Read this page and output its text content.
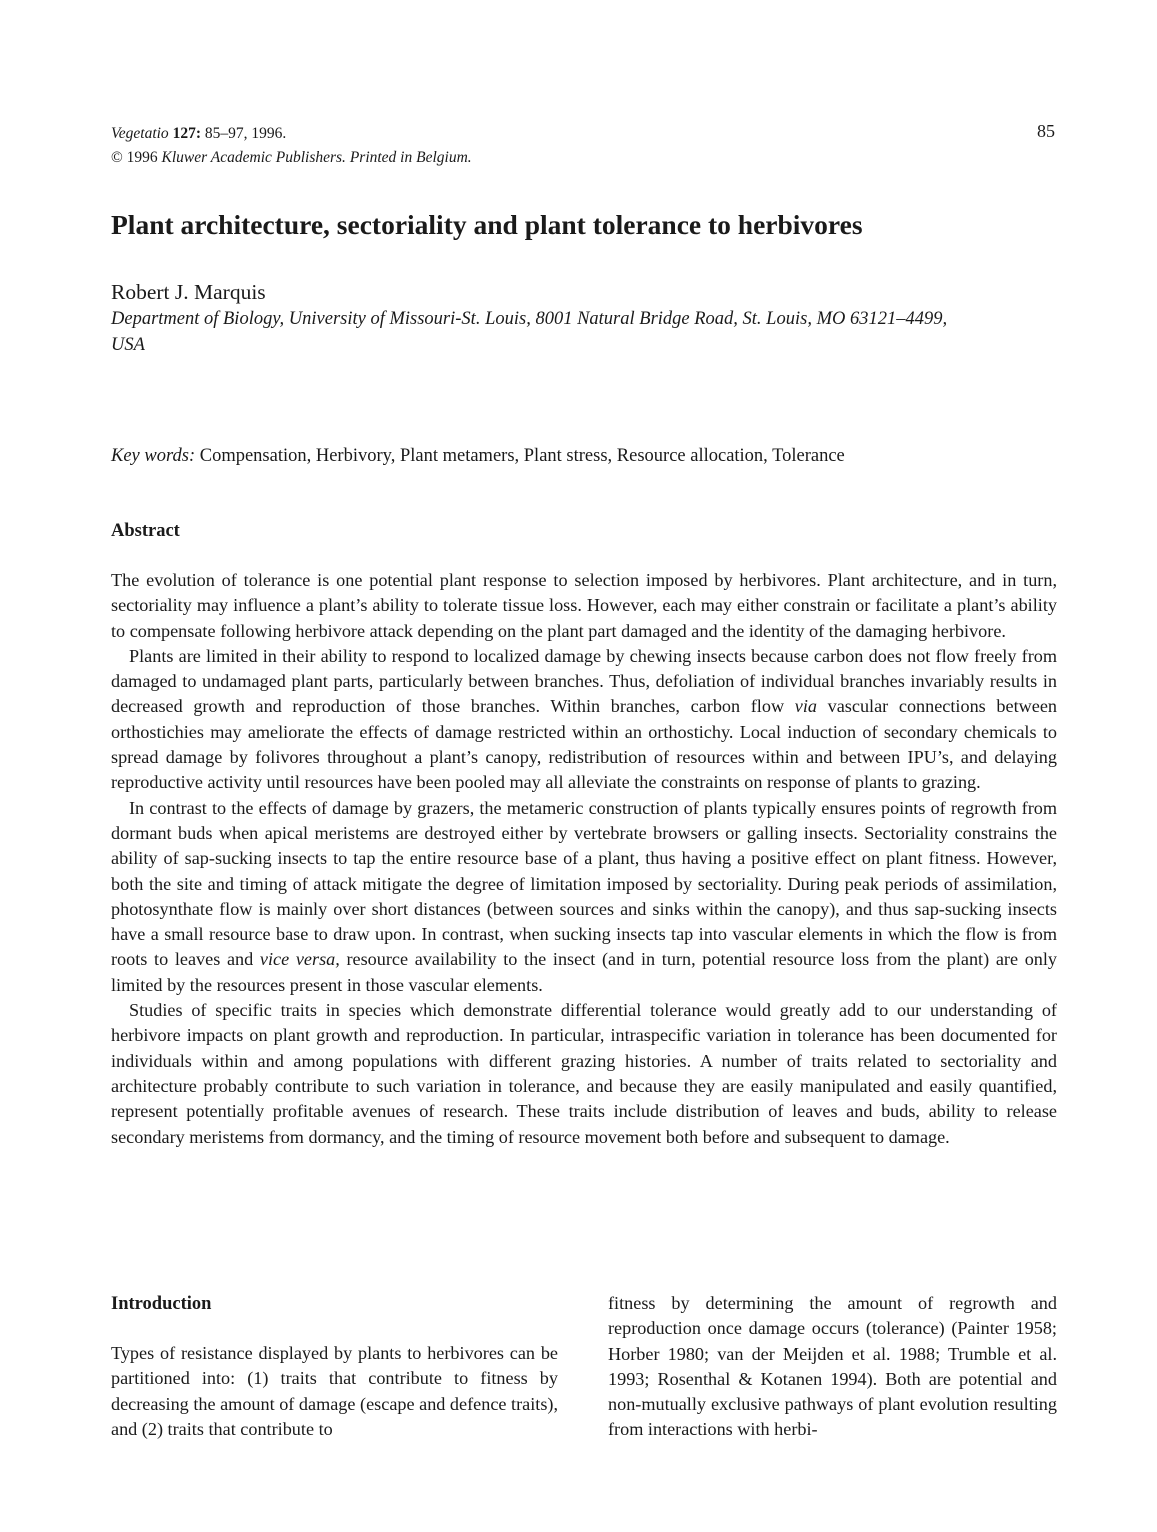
Vegetatio 127: 85–97, 1996.
© 1996 Kluwer Academic Publishers. Printed in Belgium.
85
Plant architecture, sectoriality and plant tolerance to herbivores
Robert J. Marquis
Department of Biology, University of Missouri-St. Louis, 8001 Natural Bridge Road, St. Louis, MO 63121–4499,
USA
Key words: Compensation, Herbivory, Plant metamers, Plant stress, Resource allocation, Tolerance
Abstract

The evolution of tolerance is one potential plant response to selection imposed by herbivores. Plant architecture, and in turn, sectoriality may influence a plant’s ability to tolerate tissue loss. However, each may either constrain or facilitate a plant’s ability to compensate following herbivore attack depending on the plant part damaged and the identity of the damaging herbivore.

Plants are limited in their ability to respond to localized damage by chewing insects because carbon does not flow freely from damaged to undamaged plant parts, particularly between branches. Thus, defoliation of individual branches invariably results in decreased growth and reproduction of those branches. Within branches, carbon flow via vascular connections between orthostichies may ameliorate the effects of damage restricted within an orthostichy. Local induction of secondary chemicals to spread damage by folivores throughout a plant’s canopy, redistribution of resources within and between IPU’s, and delaying reproductive activity until resources have been pooled may all alleviate the constraints on response of plants to grazing.

In contrast to the effects of damage by grazers, the metameric construction of plants typically ensures points of regrowth from dormant buds when apical meristems are destroyed either by vertebrate browsers or galling insects. Sectoriality constrains the ability of sap-sucking insects to tap the entire resource base of a plant, thus having a positive effect on plant fitness. However, both the site and timing of attack mitigate the degree of limitation imposed by sectoriality. During peak periods of assimilation, photosynthate flow is mainly over short distances (between sources and sinks within the canopy), and thus sap-sucking insects have a small resource base to draw upon. In contrast, when sucking insects tap into vascular elements in which the flow is from roots to leaves and vice versa, resource availability to the insect (and in turn, potential resource loss from the plant) are only limited by the resources present in those vascular elements.

Studies of specific traits in species which demonstrate differential tolerance would greatly add to our understanding of herbivore impacts on plant growth and reproduction. In particular, intraspecific variation in tolerance has been documented for individuals within and among populations with different grazing histories. A number of traits related to sectoriality and architecture probably contribute to such variation in tolerance, and because they are easily manipulated and easily quantified, represent potentially profitable avenues of research. These traits include distribution of leaves and buds, ability to release secondary meristems from dormancy, and the timing of resource movement both before and subsequent to damage.

Introduction

Types of resistance displayed by plants to herbivores can be partitioned into: (1) traits that contribute to fitness by decreasing the amount of damage (escape and defence traits), and (2) traits that contribute to

fitness by determining the amount of regrowth and reproduction once damage occurs (tolerance) (Painter 1958; Horber 1980; van der Meijden et al. 1988; Trumble et al. 1993; Rosenthal & Kotanen 1994). Both are potential and non-mutually exclusive pathways of plant evolution resulting from interactions with herbi-
